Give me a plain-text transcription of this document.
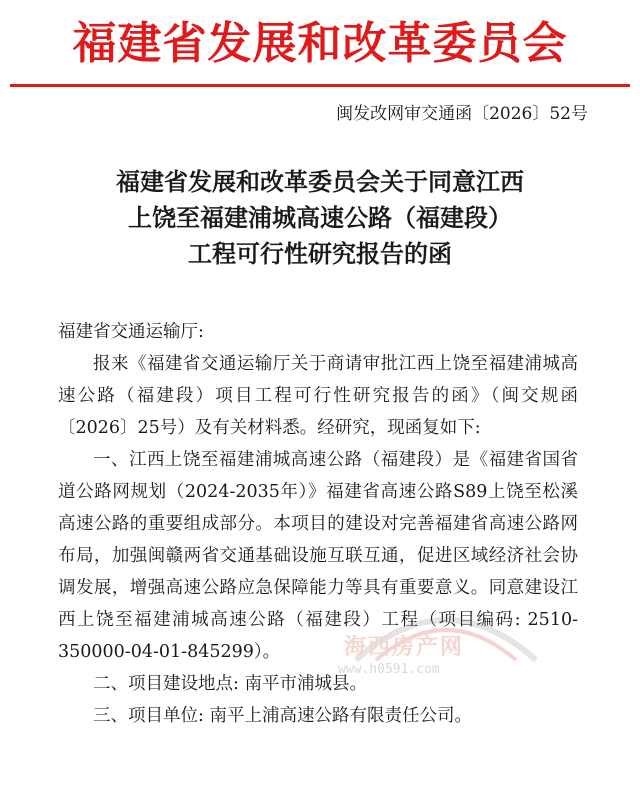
福建省发展和改革委员会
闽发改网审交通函〔2026〕52号
福建省发展和改革委员会关于同意江西
上饶至福建浦城高速公路（福建段）
工程可行性研究报告的函

福建省交通运输厅:

报来《福建省交通运输厅关于商请审批江西上饶至福建浦城高速公路（福建段）项目工程可行性研究报告的函》（闽交规函〔2026〕25号）及有关材料悉。经研究，现函复如下:

一、江西上饶至福建浦城高速公路（福建段）是《福建省国省道公路网规划（2024-2035年）》福建省高速公路S89上饶至松溪高速公路的重要组成部分。本项目的建设对完善福建省高速公路网布局，加强闽赣两省交通基础设施互联互通，促进区域经济社会协调发展，增强高速公路应急保障能力等具有重要意义。同意建设江西上饶至福建浦城高速公路（福建段）工程（项目编码: 2510-350000-04-01-845299）。

二、项目建设地点: 南平市浦城县。

三、项目单位: 南平上浦高速公路有限责任公司。

海西房产网
www.h0591.com
